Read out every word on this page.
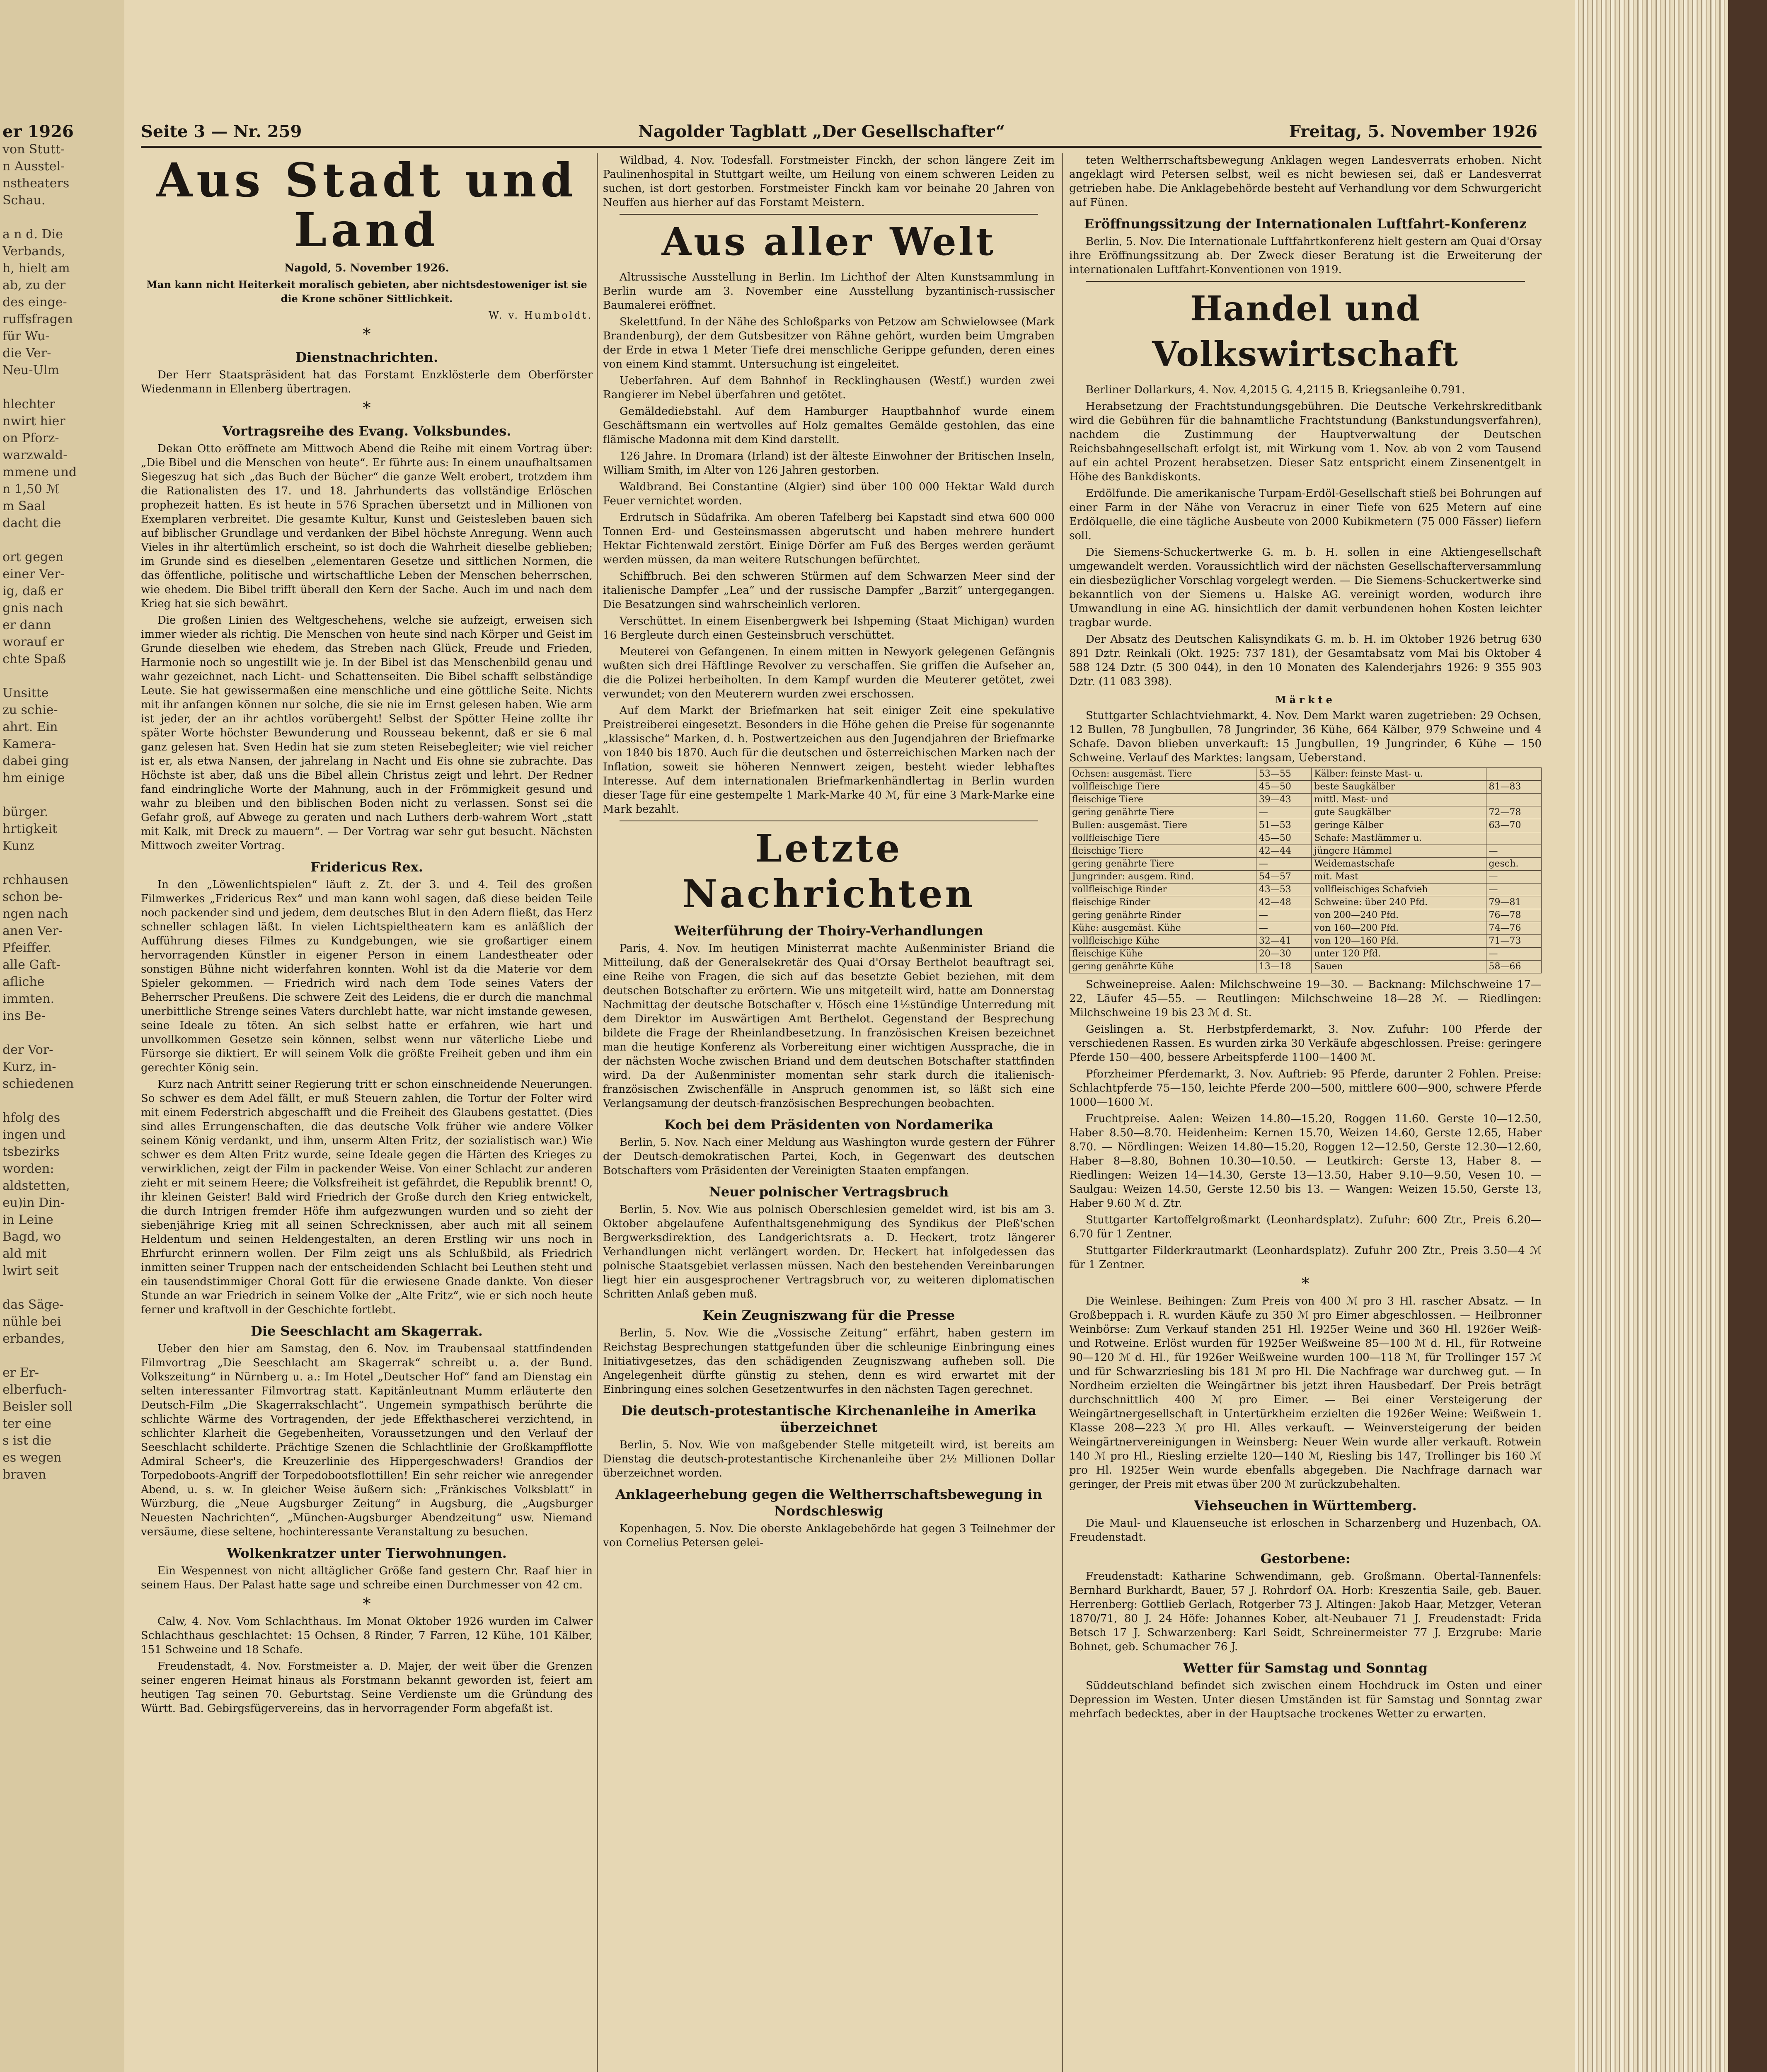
er 1926
von Stutt-
n Ausstel-
nstheaters
Schau.

a n d. Die
Verbands,
h, hielt am
ab, zu der
des einge-
ruffsfragen
für Wu-
die Ver-
Neu-Ulm

hlechter
nwirt hier
on Pforz-
warzwald-
mmene und
n 1,50 ℳ
m Saal
dacht die

ort gegen
einer Ver-
ig, daß er
gnis nach
er dann
worauf er
chte Spaß

Unsitte
zu schie-
ahrt. Ein
Kamera-
dabei ging
hm einige

bürger.
hrtigkeit
Kunz

rchhausen
schon be-
ngen nach
anen Ver-
Pfeiffer.
alle Gaft-
afliche
immten.
ins Be-

der Vor-
Kurz, in-
schiedenen

hfolg des
ingen und
tsbezirks
worden:
aldstetten,
eu)in Din-
in Leine
Bagd, wo
ald mit
lwirt seit

das Säge-
nühle bei
erbandes,

er Er-
elberfuch-
Beisler soll
ter eine
s ist die
es wegen
braven
Seite 3 — Nr. 259	Nagolder Tagblatt „Der Gesellschafter“	Freitag, 5. November 1926
Aus Stadt und Land

Nagold, 5. November 1926.

Man kann nicht Heiterkeit moralisch gebieten, aber nichtsdestoweniger ist sie die Krone schöner Sittlichkeit.

W. v. Humboldt.

*
Dienstnachrichten.

Der Herr Staatspräsident hat das Forstamt Enzklösterle dem Oberförster Wiedenmann in Ellenberg übertragen.

*
Vortragsreihe des Evang. Volksbundes.

Dekan Otto eröffnete am Mittwoch Abend die Reihe mit einem Vortrag über: „Die Bibel und die Menschen von heute“. Er führte aus: In einem unaufhaltsamen Siegeszug hat sich „das Buch der Bücher“ die ganze Welt erobert, trotzdem ihm die Rationalisten des 17. und 18. Jahrhunderts das vollständige Erlöschen prophezeit hatten. Es ist heute in 576 Sprachen übersetzt und in Millionen von Exemplaren verbreitet. Die gesamte Kultur, Kunst und Geistesleben bauen sich auf biblischer Grundlage und verdanken der Bibel höchste Anregung. Wenn auch Vieles in ihr altertümlich erscheint, so ist doch die Wahrheit dieselbe geblieben; im Grunde sind es dieselben „elementaren Gesetze und sittlichen Normen, die das öffentliche, politische und wirtschaftliche Leben der Menschen beherrschen, wie ehedem. Die Bibel trifft überall den Kern der Sache. Auch im und nach dem Krieg hat sie sich bewährt.

Die großen Linien des Weltgeschehens, welche sie aufzeigt, erweisen sich immer wieder als richtig. Die Menschen von heute sind nach Körper und Geist im Grunde dieselben wie ehedem, das Streben nach Glück, Freude und Frieden, Harmonie noch so ungestillt wie je. In der Bibel ist das Menschenbild genau und wahr gezeichnet, nach Licht- und Schattenseiten. Die Bibel schafft selbständige Leute. Sie hat gewissermaßen eine menschliche und eine göttliche Seite. Nichts mit ihr anfangen können nur solche, die sie nie im Ernst gelesen haben. Wie arm ist jeder, der an ihr achtlos vorübergeht! Selbst der Spötter Heine zollte ihr später Worte höchster Bewunderung und Rousseau bekennt, daß er sie 6 mal ganz gelesen hat. Sven Hedin hat sie zum steten Reisebegleiter; wie viel reicher ist er, als etwa Nansen, der jahrelang in Nacht und Eis ohne sie zubrachte. Das Höchste ist aber, daß uns die Bibel allein Christus zeigt und lehrt. Der Redner fand eindringliche Worte der Mahnung, auch in der Frömmigkeit gesund und wahr zu bleiben und den biblischen Boden nicht zu verlassen. Sonst sei die Gefahr groß, auf Abwege zu geraten und nach Luthers derb-wahrem Wort „statt mit Kalk, mit Dreck zu mauern“. — Der Vortrag war sehr gut besucht. Nächsten Mittwoch zweiter Vortrag.

Fridericus Rex.

In den „Löwenlichtspielen“ läuft z. Zt. der 3. und 4. Teil des großen Filmwerkes „Fridericus Rex“ und man kann wohl sagen, daß diese beiden Teile noch packender sind und jedem, dem deutsches Blut in den Adern fließt, das Herz schneller schlagen läßt. In vielen Lichtspieltheatern kam es anläßlich der Aufführung dieses Filmes zu Kundgebungen, wie sie großartiger einem hervorragenden Künstler in eigener Person in einem Landestheater oder sonstigen Bühne nicht widerfahren konnten. Wohl ist da die Materie vor dem Spieler gekommen. — Friedrich wird nach dem Tode seines Vaters der Beherrscher Preußens. Die schwere Zeit des Leidens, die er durch die manchmal unerbittliche Strenge seines Vaters durchlebt hatte, war nicht imstande gewesen, seine Ideale zu töten. An sich selbst hatte er erfahren, wie hart und unvollkommen Gesetze sein können, selbst wenn nur väterliche Liebe und Fürsorge sie diktiert. Er will seinem Volk die größte Freiheit geben und ihm ein gerechter König sein.

Kurz nach Antritt seiner Regierung tritt er schon einschneidende Neuerungen. So schwer es dem Adel fällt, er muß Steuern zahlen, die Tortur der Folter wird mit einem Federstrich abgeschafft und die Freiheit des Glaubens gestattet. (Dies sind alles Errungenschaften, die das deutsche Volk früher wie andere Völker seinem König verdankt, und ihm, unserm Alten Fritz, der sozialistisch war.) Wie schwer es dem Alten Fritz wurde, seine Ideale gegen die Härten des Krieges zu verwirklichen, zeigt der Film in packender Weise. Von einer Schlacht zur anderen zieht er mit seinem Heere; die Volksfreiheit ist gefährdet, die Republik brennt! O, ihr kleinen Geister! Bald wird Friedrich der Große durch den Krieg entwickelt, die durch Intrigen fremder Höfe ihm aufgezwungen wurden und so zieht der siebenjährige Krieg mit all seinen Schrecknissen, aber auch mit all seinem Heldentum und seinen Heldengestalten, an deren Erstling wir uns noch in Ehrfurcht erinnern wollen. Der Film zeigt uns als Schlußbild, als Friedrich inmitten seiner Truppen nach der entscheidenden Schlacht bei Leuthen steht und ein tausendstimmiger Choral Gott für die erwiesene Gnade dankte. Von dieser Stunde an war Friedrich in seinem Volke der „Alte Fritz“, wie er sich noch heute ferner und kraftvoll in der Geschichte fortlebt.

Die Seeschlacht am Skagerrak.

Ueber den hier am Samstag, den 6. Nov. im Traubensaal stattfindenden Filmvortrag „Die Seeschlacht am Skagerrak“ schreibt u. a. der Bund. Volkszeitung“ in Nürnberg u. a.: Im Hotel „Deutscher Hof“ fand am Dienstag ein selten interessanter Filmvortrag statt. Kapitänleutnant Mumm erläuterte den Deutsch-Film „Die Skagerrakschlacht“. Ungemein sympathisch berührte die schlichte Wärme des Vortragenden, der jede Effekthascherei verzichtend, in schlichter Klarheit die Gegebenheiten, Voraussetzungen und den Verlauf der Seeschlacht schilderte. Prächtige Szenen die Schlachtlinie der Großkampfflotte Admiral Scheer's, die Kreuzerlinie des Hippergeschwaders! Grandios der Torpedoboots-Angriff der Torpedobootsflottillen! Ein sehr reicher wie anregender Abend, u. s. w. In gleicher Weise äußern sich: „Fränkisches Volksblatt“ in Würzburg, die „Neue Augsburger Zeitung“ in Augsburg, die „Augsburger Neuesten Nachrichten“, „München-Augsburger Abendzeitung“ usw. Niemand versäume, diese seltene, hochinteressante Veranstaltung zu besuchen.

Wolkenkratzer unter Tierwohnungen.

Ein Wespennest von nicht alltäglicher Größe fand gestern Chr. Raaf hier in seinem Haus. Der Palast hatte sage und schreibe einen Durchmesser von 42 cm.

*

Calw, 4. Nov. Vom Schlachthaus. Im Monat Oktober 1926 wurden im Calwer Schlachthaus geschlachtet: 15 Ochsen, 8 Rinder, 7 Farren, 12 Kühe, 101 Kälber, 151 Schweine und 18 Schafe.

Freudenstadt, 4. Nov. Forstmeister a. D. Majer, der weit über die Grenzen seiner engeren Heimat hinaus als Forstmann bekannt geworden ist, feiert am heutigen Tag seinen 70. Geburtstag. Seine Verdienste um die Gründung des Württ. Bad. Gebirgsfügervereins, das in hervorragender Form abgefaßt ist.

Wildbad, 4. Nov. Todesfall. Forstmeister Finckh, der schon längere Zeit im Paulinenhospital in Stuttgart weilte, um Heilung von einem schweren Leiden zu suchen, ist dort gestorben. Forstmeister Finckh kam vor beinahe 20 Jahren von Neuffen aus hierher auf das Forstamt Meistern.

Aus aller Welt

Altrussische Ausstellung in Berlin. Im Lichthof der Alten Kunstsammlung in Berlin wurde am 3. November eine Ausstellung byzantinisch-russischer Baumalerei eröffnet.

Skelettfund. In der Nähe des Schloßparks von Petzow am Schwielowsee (Mark Brandenburg), der dem Gutsbesitzer von Rähne gehört, wurden beim Umgraben der Erde in etwa 1 Meter Tiefe drei menschliche Gerippe gefunden, deren eines von einem Kind stammt. Untersuchung ist eingeleitet.

Ueberfahren. Auf dem Bahnhof in Recklinghausen (Westf.) wurden zwei Rangierer im Nebel überfahren und getötet.

Gemäldediebstahl. Auf dem Hamburger Hauptbahnhof wurde einem Geschäftsmann ein wertvolles auf Holz gemaltes Gemälde gestohlen, das eine flämische Madonna mit dem Kind darstellt.

126 Jahre. In Dromara (Irland) ist der älteste Einwohner der Britischen Inseln, William Smith, im Alter von 126 Jahren gestorben.

Waldbrand. Bei Constantine (Algier) sind über 100 000 Hektar Wald durch Feuer vernichtet worden.

Erdrutsch in Südafrika. Am oberen Tafelberg bei Kapstadt sind etwa 600 000 Tonnen Erd- und Gesteinsmassen abgerutscht und haben mehrere hundert Hektar Fichtenwald zerstört. Einige Dörfer am Fuß des Berges werden geräumt werden müssen, da man weitere Rutschungen befürchtet.

Schiffbruch. Bei den schweren Stürmen auf dem Schwarzen Meer sind der italienische Dampfer „Lea“ und der russische Dampfer „Barzit“ untergegangen. Die Besatzungen sind wahrscheinlich verloren.

Verschüttet. In einem Eisenbergwerk bei Ishpeming (Staat Michigan) wurden 16 Bergleute durch einen Gesteinsbruch verschüttet.

Meuterei von Gefangenen. In einem mitten in Newyork gelegenen Gefängnis wußten sich drei Häftlinge Revolver zu verschaffen. Sie griffen die Aufseher an, die die Polizei herbeiholten. In dem Kampf wurden die Meuterer getötet, zwei verwundet; von den Meuterern wurden zwei erschossen.

Auf dem Markt der Briefmarken hat seit einiger Zeit eine spekulative Preistreiberei eingesetzt. Besonders in die Höhe gehen die Preise für sogenannte „klassische“ Marken, d. h. Postwertzeichen aus den Jugendjahren der Briefmarke von 1840 bis 1870. Auch für die deutschen und österreichischen Marken nach der Inflation, soweit sie höheren Nennwert zeigen, besteht wieder lebhaftes Interesse. Auf dem internationalen Briefmarkenhändlertag in Berlin wurden dieser Tage für eine gestempelte 1 Mark-Marke 40 ℳ, für eine 3 Mark-Marke eine Mark bezahlt.

Letzte Nachrichten
Weiterführung der Thoiry-Verhandlungen

Paris, 4. Nov. Im heutigen Ministerrat machte Außenminister Briand die Mitteilung, daß der Generalsekretär des Quai d'Orsay Berthelot beauftragt sei, eine Reihe von Fragen, die sich auf das besetzte Gebiet beziehen, mit dem deutschen Botschafter zu erörtern. Wie uns mitgeteilt wird, hatte am Donnerstag Nachmittag der deutsche Botschafter v. Hösch eine 1½stündige Unterredung mit dem Direktor im Auswärtigen Amt Berthelot. Gegenstand der Besprechung bildete die Frage der Rheinlandbesetzung. In französischen Kreisen bezeichnet man die heutige Konferenz als Vorbereitung einer wichtigen Aussprache, die in der nächsten Woche zwischen Briand und dem deutschen Botschafter stattfinden wird. Da der Außenminister momentan sehr stark durch die italienisch-französischen Zwischenfälle in Anspruch genommen ist, so läßt sich eine Verlangsamung der deutsch-französischen Besprechungen beobachten.

Koch bei dem Präsidenten von Nordamerika

Berlin, 5. Nov. Nach einer Meldung aus Washington wurde gestern der Führer der Deutsch-demokratischen Partei, Koch, in Gegenwart des deutschen Botschafters vom Präsidenten der Vereinigten Staaten empfangen.

Neuer polnischer Vertragsbruch

Berlin, 5. Nov. Wie aus polnisch Oberschlesien gemeldet wird, ist bis am 3. Oktober abgelaufene Aufenthaltsgenehmigung des Syndikus der Pleß'schen Bergwerksdirektion, des Landgerichtsrats a. D. Heckert, trotz längerer Verhandlungen nicht verlängert worden. Dr. Heckert hat infolgedessen das polnische Staatsgebiet verlassen müssen. Nach den bestehenden Vereinbarungen liegt hier ein ausgesprochener Vertragsbruch vor, zu weiteren diplomatischen Schritten Anlaß geben muß.

Kein Zeugniszwang für die Presse

Berlin, 5. Nov. Wie die „Vossische Zeitung“ erfährt, haben gestern im Reichstag Besprechungen stattgefunden über die schleunige Einbringung eines Initiativgesetzes, das den schädigenden Zeugniszwang aufheben soll. Die Angelegenheit dürfte günstig zu stehen, denn es wird erwartet mit der Einbringung eines solchen Gesetzentwurfes in den nächsten Tagen gerechnet.

Die deutsch-protestantische Kirchenanleihe in Amerika überzeichnet

Berlin, 5. Nov. Wie von maßgebender Stelle mitgeteilt wird, ist bereits am Dienstag die deutsch-protestantische Kirchenanleihe über 2½ Millionen Dollar überzeichnet worden.

Anklageerhebung gegen die Weltherrschaftsbewegung in Nordschleswig

Kopenhagen, 5. Nov. Die oberste Anklagebehörde hat gegen 3 Teilnehmer der von Cornelius Petersen gelei-

teten Weltherrschaftsbewegung Anklagen wegen Landesverrats erhoben. Nicht angeklagt wird Petersen selbst, weil es nicht bewiesen sei, daß er Landesverrat getrieben habe. Die Anklagebehörde besteht auf Verhandlung vor dem Schwurgericht auf Fünen.

Eröffnungssitzung der Internationalen Luftfahrt-Konferenz

Berlin, 5. Nov. Die Internationale Luftfahrtkonferenz hielt gestern am Quai d'Orsay ihre Eröffnungssitzung ab. Der Zweck dieser Beratung ist die Erweiterung der internationalen Luftfahrt-Konventionen von 1919.

Handel und Volkswirtschaft

Berliner Dollarkurs, 4. Nov. 4,2015 G. 4,2115 B. Kriegsanleihe 0.791.

Herabsetzung der Frachtstundungsgebühren. Die Deutsche Verkehrskreditbank wird die Gebühren für die bahnamtliche Frachtstundung (Bankstundungsverfahren), nachdem die Zustimmung der Hauptverwaltung der Deutschen Reichsbahngesellschaft erfolgt ist, mit Wirkung vom 1. Nov. ab von 2 vom Tausend auf ein achtel Prozent herabsetzen. Dieser Satz entspricht einem Zinsenentgelt in Höhe des Bankdiskonts.

Erdölfunde. Die amerikanische Turpam-Erdöl-Gesellschaft stieß bei Bohrungen auf einer Farm in der Nähe von Veracruz in einer Tiefe von 625 Metern auf eine Erdölquelle, die eine tägliche Ausbeute von 2000 Kubikmetern (75 000 Fässer) liefern soll.

Die Siemens-Schuckertwerke G. m. b. H. sollen in eine Aktiengesellschaft umgewandelt werden. Voraussichtlich wird der nächsten Gesellschafterversammlung ein diesbezüglicher Vorschlag vorgelegt werden. — Die Siemens-Schuckertwerke sind bekanntlich von der Siemens u. Halske AG. vereinigt worden, wodurch ihre Umwandlung in eine AG. hinsichtlich der damit verbundenen hohen Kosten leichter tragbar wurde.

Der Absatz des Deutschen Kalisyndikats G. m. b. H. im Oktober 1926 betrug 630 891 Dztr. Reinkali (Okt. 1925: 737 181), der Gesamtabsatz vom Mai bis Oktober 4 588 124 Dztr. (5 300 044), in den 10 Monaten des Kalenderjahrs 1926: 9 355 903 Dztr. (11 083 398).

Märkte

Stuttgarter Schlachtviehmarkt, 4. Nov. Dem Markt waren zugetrieben: 29 Ochsen, 12 Bullen, 78 Jungbullen, 78 Jungrinder, 36 Kühe, 664 Kälber, 979 Schweine und 4 Schafe. Davon blieben unverkauft: 15 Jungbullen, 19 Jungrinder, 6 Kühe — 150 Schweine. Verlauf des Marktes: langsam, Ueberstand.

Ochsen: ausgemäst. Tiere	53—55	Kälber: feinste Mast- u.	
vollfleischige Tiere	45—50	beste Saugkälber	81—83
fleischige Tiere	39—43	mittl. Mast- und	
gering genährte Tiere	—	gute Saugkälber	72—78
Bullen: ausgemäst. Tiere	51—53	geringe Kälber	63—70
vollfleischige Tiere	45—50	Schafe: Mastlämmer u.	
fleischige Tiere	42—44	jüngere Hämmel	—
gering genährte Tiere	—	Weidemastschafe	gesch.
Jungrinder: ausgem. Rind.	54—57	mit. Mast	—
vollfleischige Rinder	43—53	vollfleischiges Schafvieh	—
fleischige Rinder	42—48	Schweine: über 240 Pfd.	79—81
gering genährte Rinder	—	von 200—240 Pfd.	76—78
Kühe: ausgemäst. Kühe	—	von 160—200 Pfd.	74—76
vollfleischige Kühe	32—41	von 120—160 Pfd.	71—73
fleischige Kühe	20—30	unter 120 Pfd.	—
gering genährte Kühe	13—18	Sauen	58—66

Schweinepreise. Aalen: Milchschweine 19—30. — Backnang: Milchschweine 17—22, Läufer 45—55. — Reutlingen: Milchschweine 18—28 ℳ. — Riedlingen: Milchschweine 19 bis 23 ℳ d. St.

Geislingen a. St. Herbstpferdemarkt, 3. Nov. Zufuhr: 100 Pferde der verschiedenen Rassen. Es wurden zirka 30 Verkäufe abgeschlossen. Preise: geringere Pferde 150—400, bessere Arbeitspferde 1100—1400 ℳ.

Pforzheimer Pferdemarkt, 3. Nov. Auftrieb: 95 Pferde, darunter 2 Fohlen. Preise: Schlachtpferde 75—150, leichte Pferde 200—500, mittlere 600—900, schwere Pferde 1000—1600 ℳ.

Fruchtpreise. Aalen: Weizen 14.80—15.20, Roggen 11.60. Gerste 10—12.50, Haber 8.50—8.70. Heidenheim: Kernen 15.70, Weizen 14.60, Gerste 12.65, Haber 8.70. — Nördlingen: Weizen 14.80—15.20, Roggen 12—12.50, Gerste 12.30—12.60, Haber 8—8.80, Bohnen 10.30—10.50. — Leutkirch: Gerste 13, Haber 8. — Riedlingen: Weizen 14—14.30, Gerste 13—13.50, Haber 9.10—9.50, Vesen 10. — Saulgau: Weizen 14.50, Gerste 12.50 bis 13. — Wangen: Weizen 15.50, Gerste 13, Haber 9.60 ℳ d. Ztr.

Stuttgarter Kartoffelgroßmarkt (Leonhardsplatz). Zufuhr: 600 Ztr., Preis 6.20—6.70 für 1 Zentner.

Stuttgarter Filderkrautmarkt (Leonhardsplatz). Zufuhr 200 Ztr., Preis 3.50—4 ℳ für 1 Zentner.

*

Die Weinlese. Beihingen: Zum Preis von 400 ℳ pro 3 Hl. rascher Absatz. — In Großbeppach i. R. wurden Käufe zu 350 ℳ pro Eimer abgeschlossen. — Heilbronner Weinbörse: Zum Verkauf standen 251 Hl. 1925er Weine und 360 Hl. 1926er Weiß- und Rotweine. Erlöst wurden für 1925er Weißweine 85—100 ℳ d. Hl., für Rotweine 90—120 ℳ d. Hl., für 1926er Weißweine wurden 100—118 ℳ, für Trollinger 157 ℳ und für Schwarzriesling bis 181 ℳ pro Hl. Die Nachfrage war durchweg gut. — In Nordheim erzielten die Weingärtner bis jetzt ihren Hausbedarf. Der Preis beträgt durchschnittlich 400 ℳ pro Eimer. — Bei einer Versteigerung der Weingärtnergesellschaft in Untertürkheim erzielten die 1926er Weine: Weißwein 1. Klasse 208—223 ℳ pro Hl. Alles verkauft. — Weinversteigerung der beiden Weingärtnervereinigungen in Weinsberg: Neuer Wein wurde aller verkauft. Rotwein 140 ℳ pro Hl., Riesling erzielte 120—140 ℳ, Riesling bis 147, Trollinger bis 160 ℳ pro Hl. 1925er Wein wurde ebenfalls abgegeben. Die Nachfrage darnach war geringer, der Preis mit etwas über 200 ℳ zurückzubehalten.

Viehseuchen in Württemberg.

Die Maul- und Klauenseuche ist erloschen in Scharzenberg und Huzenbach, OA. Freudenstadt.

Gestorbene:

Freudenstadt: Katharine Schwendimann, geb. Großmann. Obertal-Tannenfels: Bernhard Burkhardt, Bauer, 57 J. Rohrdorf OA. Horb: Kreszentia Saile, geb. Bauer. Herrenberg: Gottlieb Gerlach, Rotgerber 73 J. Altingen: Jakob Haar, Metzger, Veteran 1870/71, 80 J. 24 Höfe: Johannes Kober, alt-Neubauer 71 J. Freudenstadt: Frida Betsch 17 J. Schwarzenberg: Karl Seidt, Schreinermeister 77 J. Erzgrube: Marie Bohnet, geb. Schumacher 76 J.

Wetter für Samstag und Sonntag

Süddeutschland befindet sich zwischen einem Hochdruck im Osten und einer Depression im Westen. Unter diesen Umständen ist für Samstag und Sonntag zwar mehrfach bedecktes, aber in der Hauptsache trockenes Wetter zu erwarten.
